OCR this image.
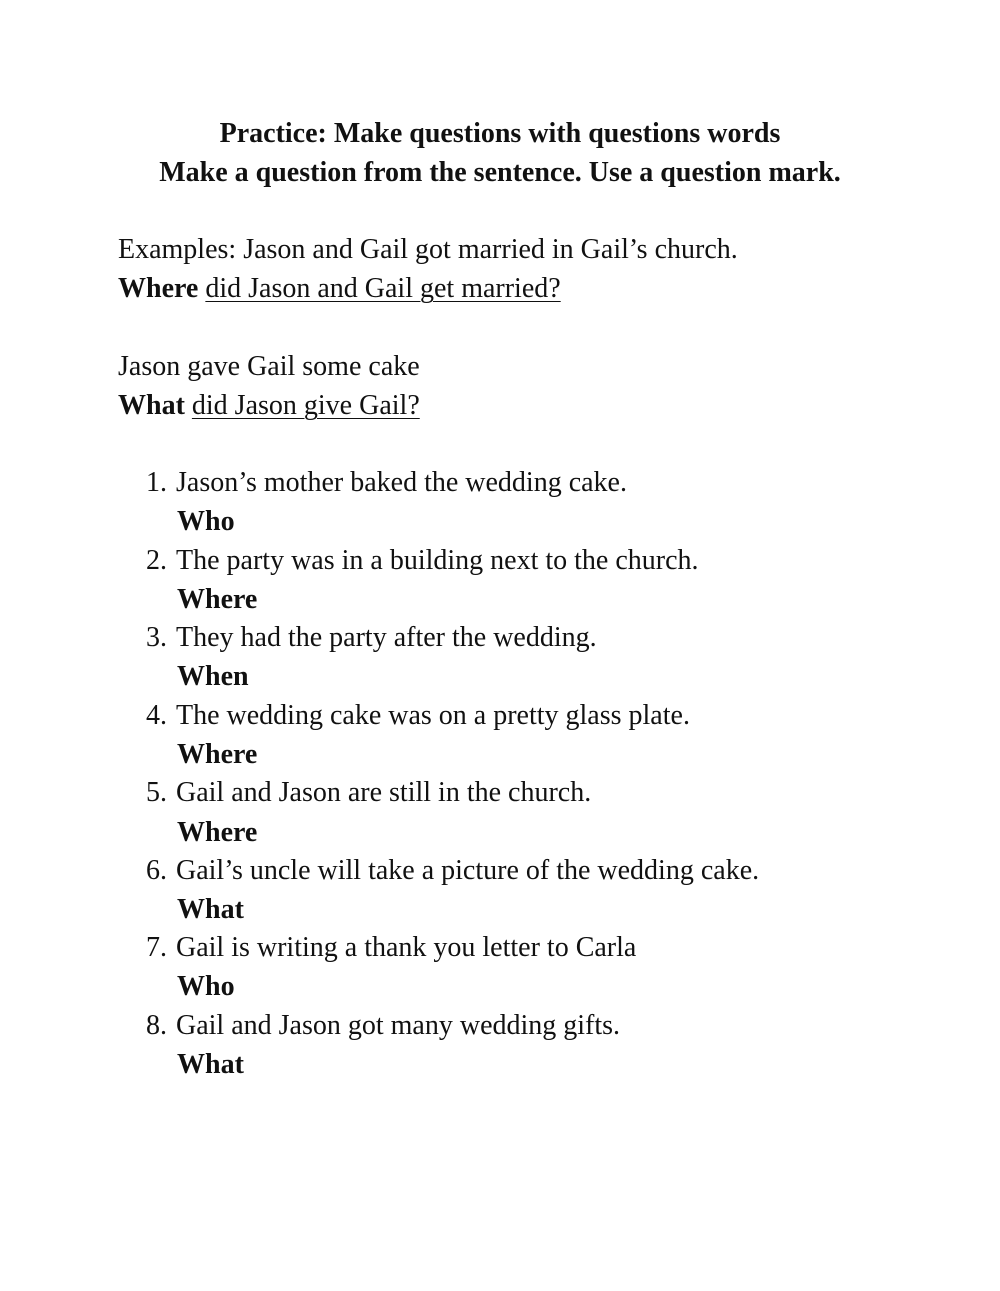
Practice: Make questions with questions words
Make a question from the sentence. Use a question mark.
Examples: Jason and Gail got married in Gail’s church.
Where did Jason and Gail get married?
Jason gave Gail some cake
What did Jason give Gail?
1. Jason’s mother baked the wedding cake.
Who
2. The party was in a building next to the church.
Where
3. They had the party after the wedding.
When
4. The wedding cake was on a pretty glass plate.
Where
5. Gail and Jason are still in the church.
Where
6. Gail’s uncle will take a picture of the wedding cake.
What
7. Gail is writing a thank you letter to Carla
Who
8. Gail and Jason got many wedding gifts.
What
